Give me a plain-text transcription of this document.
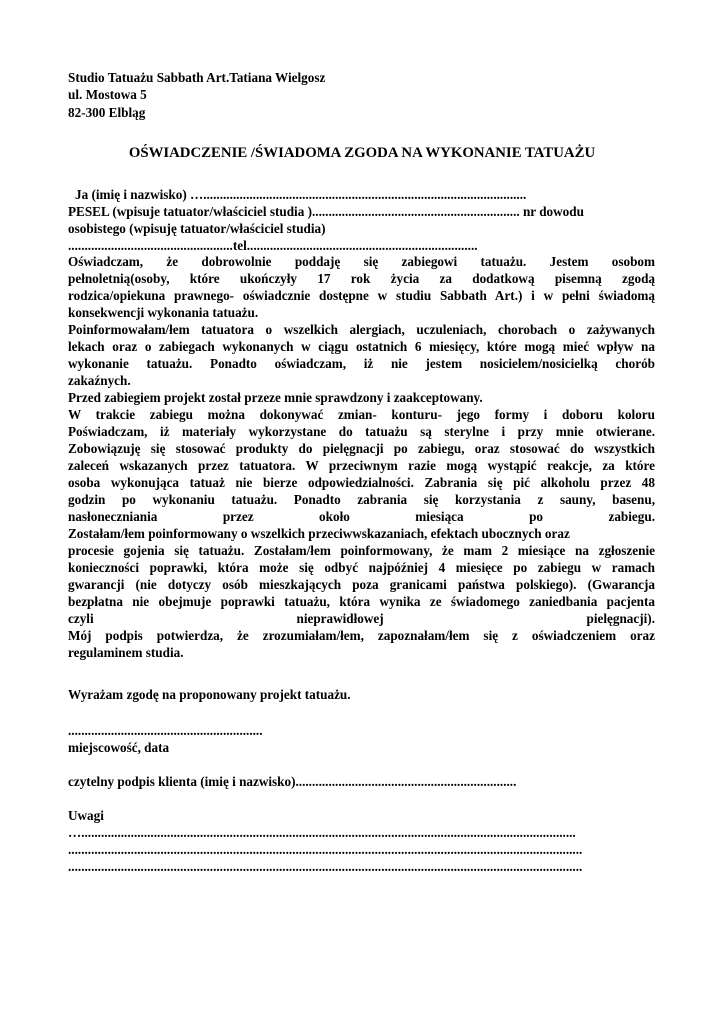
Studio Tatuażu Sabbath Art.Tatiana Wielgosz
ul. Mostowa 5
82-300 Elbląg
OŚWIADCZENIE /ŚWIADOMA ZGODA NA WYKONANIE TATUAŻU
Ja (imię i nazwisko) …..................................................................................................
PESEL (wpisuje tatuator/właściciel studia )............................................................... nr dowodu
osobistego (wpisuję tatuator/właściciel studia)
..................................................tel......................................................................
Oświadczam, że dobrowolnie poddaję się zabiegowi tatuażu. Jestem osobom
pełnoletnią(osoby, które ukończyły 17 rok życia za dodatkową pisemną zgodą
rodzica/opiekuna prawnego- oświadcznie dostępne w studiu Sabbath Art.) i w pełni świadomą
konsekwencji wykonania tatuażu.
Poinformowałam/łem tatuatora o wszelkich alergiach, uczuleniach, chorobach o zażywanych
lekach oraz o zabiegach wykonanych w ciągu ostatnich 6 miesięcy, które mogą mieć wpływ na
wykonanie tatuażu. Ponadto oświadczam, iż nie jestem nosicielem/nosicielką chorób
zakaźnych.
Przed zabiegiem projekt został przeze mnie sprawdzony i zaakceptowany.
W trakcie zabiegu można dokonywać zmian- konturu- jego formy i doboru koloru
Poświadczam, iż materiały wykorzystane do tatuażu są sterylne i przy mnie otwierane.
Zobowiązuję się stosować produkty do pielęgnacji po zabiegu, oraz stosować do wszystkich
zaleceń wskazanych przez tatuatora. W przeciwnym razie mogą wystąpić reakcje, za które
osoba wykonująca tatuaż nie bierze odpowiedzialności. Zabrania się pić alkoholu przez 48
godzin po wykonaniu tatuażu. Ponadto zabrania się korzystania z sauny, basenu,
nasłoneczniania przez około miesiąca po zabiegu.
Zostałam/łem poinformowany o wszelkich przeciwwskazaniach, efektach ubocznych oraz
procesie gojenia się tatuażu. Zostałam/łem poinformowany, że mam 2 miesiące na zgłoszenie
konieczności poprawki, która może się odbyć najpóźniej 4 miesięce po zabiegu w ramach
gwarancji (nie dotyczy osób mieszkających poza granicami państwa polskiego). (Gwarancja
bezpłatna nie obejmuje poprawki tatuażu, która wynika ze świadomego zaniedbania pacjenta
czyli nieprawidłowej pielęgnacji).
Mój podpis potwierdza, że zrozumiałam/łem, zapoznałam/łem się z oświadczeniem oraz
regulaminem studia.
Wyrażam zgodę na proponowany projekt tatuażu.
...........................................................
miejscowość, data
czytelny podpis klienta (imię i nazwisko)...................................................................
Uwagi
…......................................................................................................................................................
............................................................................................................................................................
............................................................................................................................................................
